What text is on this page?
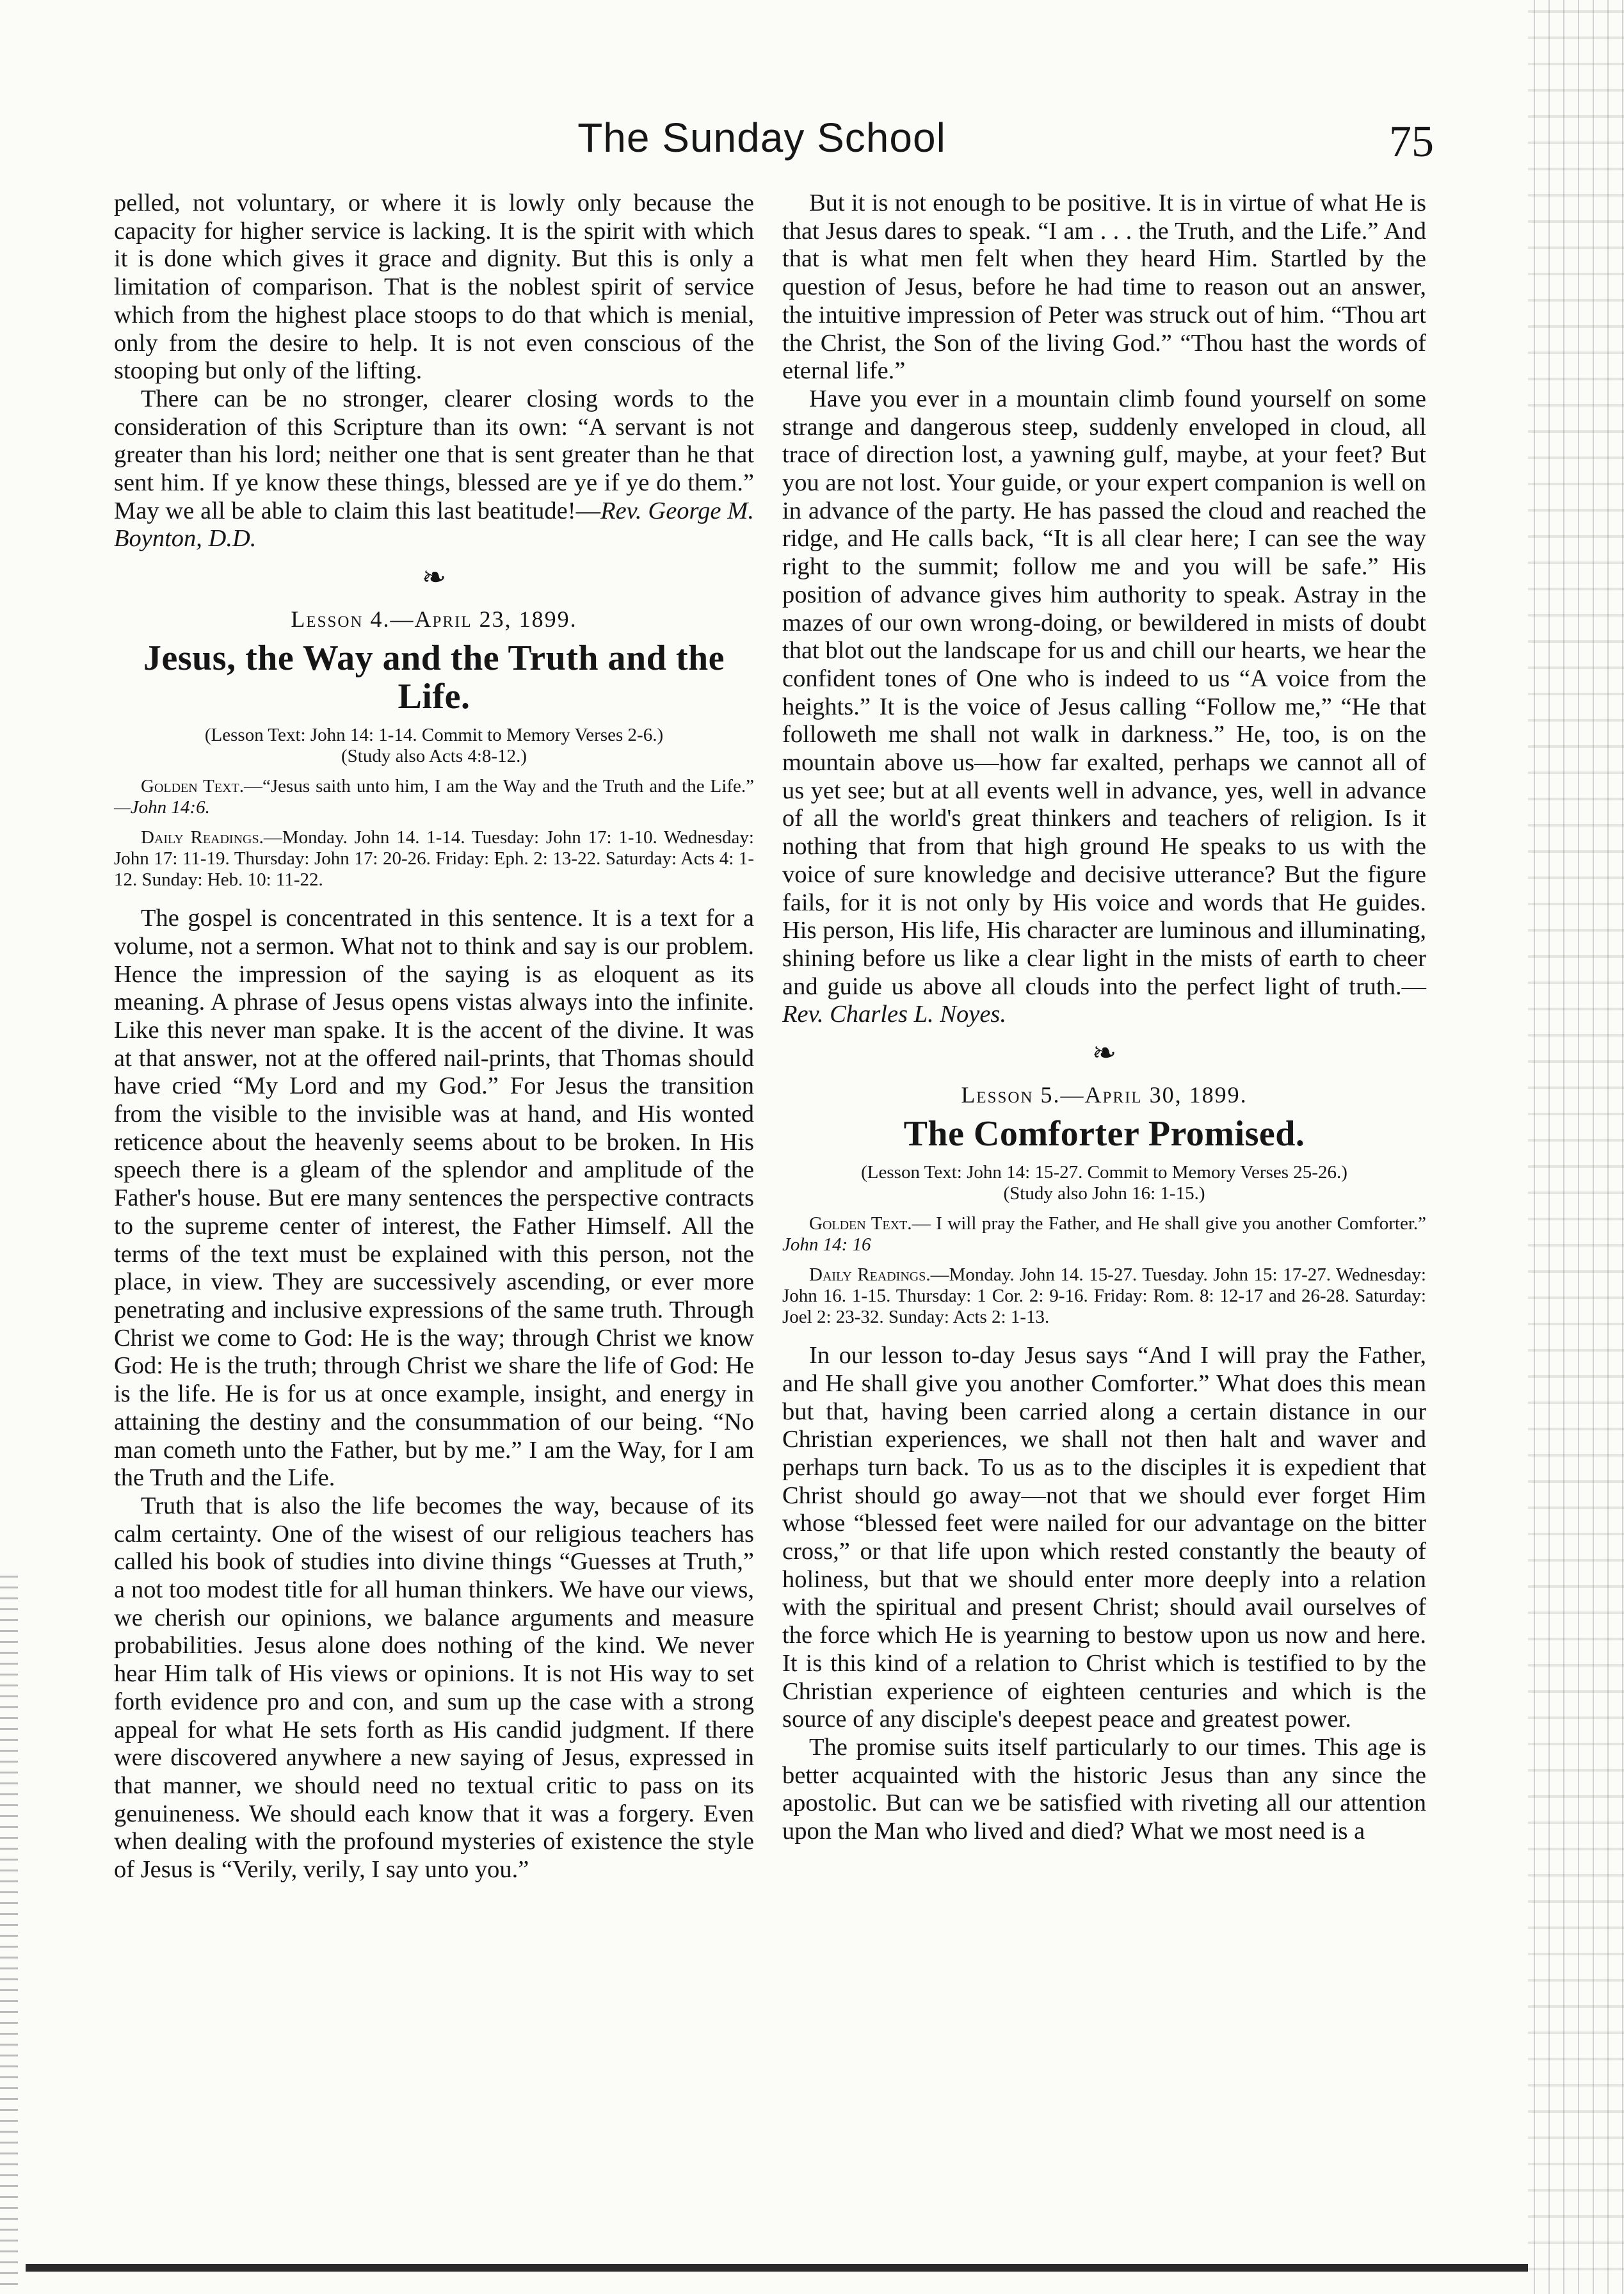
The Sunday School	75

pelled, not voluntary, or where it is lowly only because the capacity for higher service is lacking. It is the spirit with which it is done which gives it grace and dignity. But this is only a limitation of comparison. That is the noblest spirit of service which from the highest place stoops to do that which is menial, only from the desire to help. It is not even conscious of the stooping but only of the lifting.

There can be no stronger, clearer closing words to the consideration of this Scripture than its own: “A servant is not greater than his lord; neither one that is sent greater than he that sent him. If ye know these things, blessed are ye if ye do them.” May we all be able to claim this last beatitude!—Rev. George M. Boynton, D.D.

❧
Lesson 4.—April 23, 1899.
Jesus, the Way and the Truth and the Life.
(Lesson Text: John 14: 1-14. Commit to Memory Verses 2-6.)
(Study also Acts 4:8-12.)

Golden Text.—“Jesus saith unto him, I am the Way and the Truth and the Life.” —John 14:6.

Daily Readings.—Monday. John 14. 1-14. Tuesday: John 17: 1-10. Wednesday: John 17: 11-19. Thursday: John 17: 20-26. Friday: Eph. 2: 13-22. Saturday: Acts 4: 1-12. Sunday: Heb. 10: 11-22.

The gospel is concentrated in this sentence. It is a text for a volume, not a sermon. What not to think and say is our problem. Hence the impression of the saying is as eloquent as its meaning. A phrase of Jesus opens vistas always into the infinite. Like this never man spake. It is the accent of the divine. It was at that answer, not at the offered nail-prints, that Thomas should have cried “My Lord and my God.” For Jesus the transition from the visible to the invisible was at hand, and His wonted reticence about the heavenly seems about to be broken. In His speech there is a gleam of the splendor and amplitude of the Father's house. But ere many sentences the perspective contracts to the supreme center of interest, the Father Himself. All the terms of the text must be explained with this person, not the place, in view. They are successively ascending, or ever more penetrating and inclusive expressions of the same truth. Through Christ we come to God: He is the way; through Christ we know God: He is the truth; through Christ we share the life of God: He is the life. He is for us at once example, insight, and energy in attaining the destiny and the consummation of our being. “No man cometh unto the Father, but by me.” I am the Way, for I am the Truth and the Life.

Truth that is also the life becomes the way, because of its calm certainty. One of the wisest of our religious teachers has called his book of studies into divine things “Guesses at Truth,” a not too modest title for all human thinkers. We have our views, we cherish our opinions, we balance arguments and measure probabilities. Jesus alone does nothing of the kind. We never hear Him talk of His views or opinions. It is not His way to set forth evidence pro and con, and sum up the case with a strong appeal for what He sets forth as His candid judgment. If there were discovered anywhere a new saying of Jesus, expressed in that manner, we should need no textual critic to pass on its genuineness. We should each know that it was a forgery. Even when dealing with the profound mysteries of existence the style of Jesus is “Verily, verily, I say unto you.”

But it is not enough to be positive. It is in virtue of what He is that Jesus dares to speak. “I am . . . the Truth, and the Life.” And that is what men felt when they heard Him. Startled by the question of Jesus, before he had time to reason out an answer, the intuitive impression of Peter was struck out of him. “Thou art the Christ, the Son of the living God.” “Thou hast the words of eternal life.”

Have you ever in a mountain climb found yourself on some strange and dangerous steep, suddenly enveloped in cloud, all trace of direction lost, a yawning gulf, maybe, at your feet? But you are not lost. Your guide, or your expert companion is well on in advance of the party. He has passed the cloud and reached the ridge, and He calls back, “It is all clear here; I can see the way right to the summit; follow me and you will be safe.” His position of advance gives him authority to speak. Astray in the mazes of our own wrong-doing, or bewildered in mists of doubt that blot out the landscape for us and chill our hearts, we hear the confident tones of One who is indeed to us “A voice from the heights.” It is the voice of Jesus calling “Follow me,” “He that followeth me shall not walk in darkness.” He, too, is on the mountain above us—how far exalted, perhaps we cannot all of us yet see; but at all events well in advance, yes, well in advance of all the world's great thinkers and teachers of religion. Is it nothing that from that high ground He speaks to us with the voice of sure knowledge and decisive utterance? But the figure fails, for it is not only by His voice and words that He guides. His person, His life, His character are luminous and illuminating, shining before us like a clear light in the mists of earth to cheer and guide us above all clouds into the perfect light of truth.—Rev. Charles L. Noyes.

❧
Lesson 5.—April 30, 1899.
The Comforter Promised.
(Lesson Text: John 14: 15-27. Commit to Memory Verses 25-26.)
(Study also John 16: 1-15.)

Golden Text.— I will pray the Father, and He shall give you another Comforter.” John 14: 16

Daily Readings.—Monday. John 14. 15-27. Tuesday. John 15: 17-27. Wednesday: John 16. 1-15. Thursday: 1 Cor. 2: 9-16. Friday: Rom. 8: 12-17 and 26-28. Saturday: Joel 2: 23-32. Sunday: Acts 2: 1-13.

In our lesson to-day Jesus says “And I will pray the Father, and He shall give you another Comforter.” What does this mean but that, having been carried along a certain distance in our Christian experiences, we shall not then halt and waver and perhaps turn back. To us as to the disciples it is expedient that Christ should go away—not that we should ever forget Him whose “blessed feet were nailed for our advantage on the bitter cross,” or that life upon which rested constantly the beauty of holiness, but that we should enter more deeply into a relation with the spiritual and present Christ; should avail ourselves of the force which He is yearning to bestow upon us now and here. It is this kind of a relation to Christ which is testified to by the Christian experience of eighteen centuries and which is the source of any disciple's deepest peace and greatest power.

The promise suits itself particularly to our times. This age is better acquainted with the historic Jesus than any since the apostolic. But can we be satisfied with riveting all our attention upon the Man who lived and died? What we most need is a
